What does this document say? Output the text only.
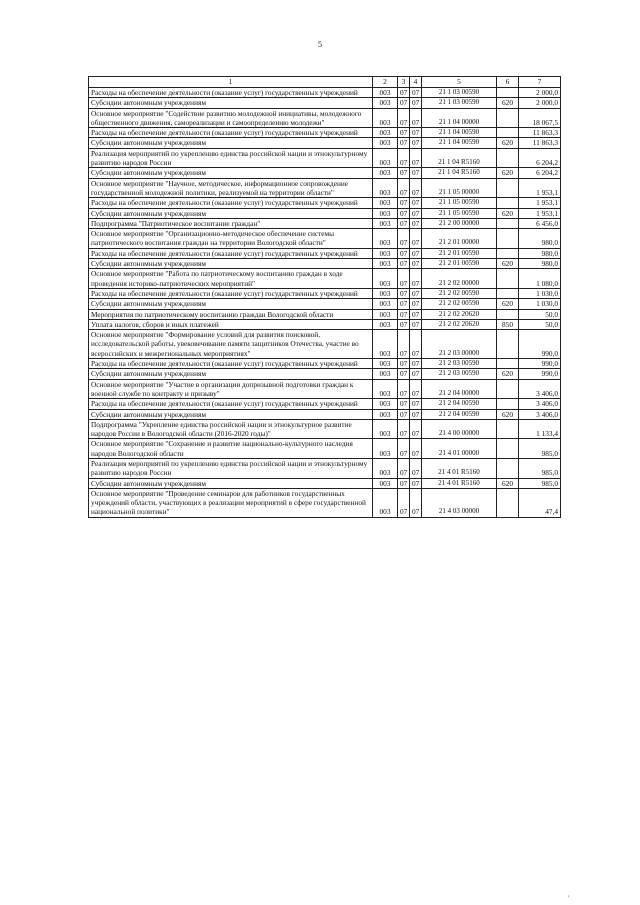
5
1	2	3	4	5	6	7
Расходы на обеспечение деятельности (оказание услуг) государственных учреждений	003	07	07	21 1 03 00590		2 000,0
Субсидии автономным учреждениям	003	07	07	21 1 03 00590	620	2 000,0
Основное мероприятие "Содействие развитию молодежной инициативы, молодежного общественного движения, самореализации и самоопределению молодежи"	003	07	07	21 1 04 00000		18 067,5
Расходы на обеспечение деятельности (оказание услуг) государственных учреждений	003	07	07	21 1 04 00590		11 863,3
Субсидии автономным учреждениям	003	07	07	21 1 04 00590	620	11 863,3
Реализация мероприятий по укреплению единства российской нации и этнокультурному развитию народов России	003	07	07	21 1 04 R5160		6 204,2
Субсидии автономным учреждениям	003	07	07	21 1 04 R5160	620	6 204,2
Основное мероприятие "Научное, методическое, информационное сопровождение государственной молодежной политики, реализуемой на территории области"	003	07	07	21 1 05 00000		1 953,1
Расходы на обеспечение деятельности (оказание услуг) государственных учреждений	003	07	07	21 1 05 00590		1 953,1
Субсидии автономным учреждениям	003	07	07	21 1 05 00590	620	1 953,1
Подпрограмма "Патриотическое воспитание граждан"	003	07	07	21 2 00 00000		6 456,0
Основное мероприятие "Организационно-методическое обеспечение системы патриотического воспитания граждан на территории Вологодской области"	003	07	07	21 2 01 00000		980,0
Расходы на обеспечение деятельности (оказание услуг) государственных учреждений	003	07	07	21 2 01 00590		980,0
Субсидии автономным учреждениям	003	07	07	21 2 01 00590	620	980,0
Основное мероприятие "Работа по патриотическому воспитанию граждан в ходе проведения историко-патриотических мероприятий"	003	07	07	21 2 02 00000		1 080,0
Расходы на обеспечение деятельности (оказание услуг) государственных учреждений	003	07	07	21 2 02 00590		1 030,0
Субсидии автономным учреждениям	003	07	07	21 2 02 00590	620	1 030,0
Мероприятия по патриотическому воспитанию граждан Вологодской области	003	07	07	21 2 02 20620		50,0
Уплата налогов, сборов и иных платежей	003	07	07	21 2 02 20620	850	50,0
Основное мероприятие "Формирование условий для развития поисковой, исследовательской работы, увековечивание памяти защитников Отечества, участие во всероссийских и межрегиональных мероприятиях"	003	07	07	21 2 03 00000		990,0
Расходы на обеспечение деятельности (оказание услуг) государственных учреждений	003	07	07	21 2 03 00590		990,0
Субсидии автономным учреждениям	003	07	07	21 2 03 00590	620	990,0
Основное мероприятие "Участие в организации допризывной подготовки граждан к военной службе по контракту и призыву"	003	07	07	21 2 04 00000		3 406,0
Расходы на обеспечение деятельности (оказание услуг) государственных учреждений	003	07	07	21 2 04 00590		3 406,0
Субсидии автономным учреждениям	003	07	07	21 2 04 00590	620	3 406,0
Подпрограмма "Укрепление единства российской нации и этнокультурное развитие народов России в Вологодской области (2016-2020 годы)"	003	07	07	21 4 00 00000		1 133,4
Основное мероприятие "Сохранение и развитие национально-культурного наследия народов Вологодской области	003	07	07	21 4 01 00000		985,0
Реализация мероприятий по укреплению единства российской нации и этнокультурному развитию народов России	003	07	07	21 4 01 R5160		985,0
Субсидии автономным учреждениям	003	07	07	21 4 01 R5160	620	985,0
Основное мероприятие "Проведение семинаров для работников государственных учреждений области, участвующих в реализации мероприятий в сфере государственной национальной политики"	003	07	07	21 4 03 00000		47,4
,
